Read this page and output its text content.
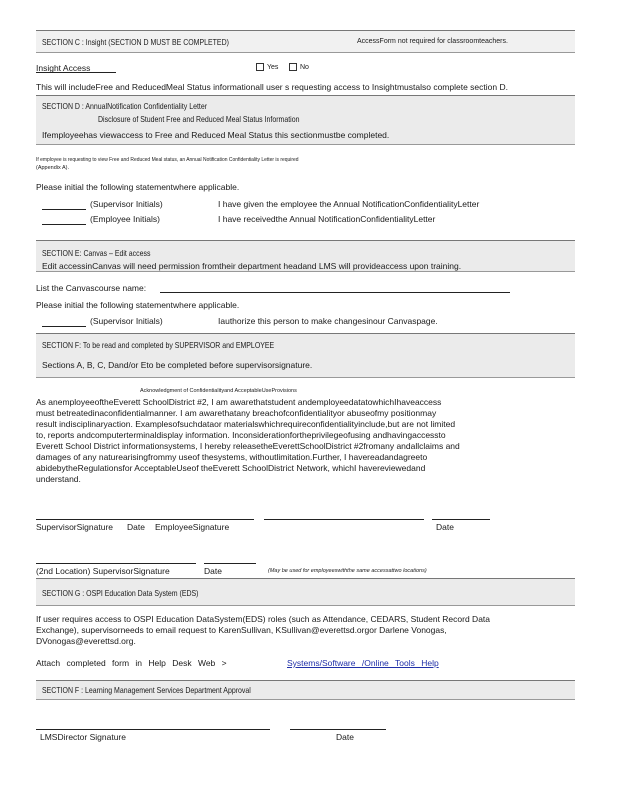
SECTION C : Insight (SECTION D MUST BE COMPLETED)	AccessForm not required for classroomteachers.
Insight Access	Yes	No
This will includeFree and ReducedMeal Status informationall user s requesting access to Insightmustalso complete section D.
SECTION D : AnnualNotification Confidentiality Letter
Disclosure of Student Free and Reduced Meal Status Information
Ifemployeehas viewaccess to Free and Reduced Meal Status this sectionmustbe completed.
If employee is requesting to view Free and Reduced Meal status, an Annual Notification Confidentiality Letter is required
(Appendix A).
Please initial the following statementwhere applicable.
(Supervisor Initials)	I have given the employee the Annual NotificationConfidentialityLetter
(Employee Initials)	I have receivedthe Annual NotificationConfidentialityLetter
SECTION E: Canvas – Edit access
Edit accessinCanvas will need permission fromtheir department headand LMS will provideaccess upon training.
List the Canvascourse name:
Please initial the following statementwhere applicable.
(Supervisor Initials)	Iauthorize this person to make changesinour Canvaspage.
SECTION F: To be read and completed by SUPERVISOR and EMPLOYEE
Sections A, B, C, Dand/or Eto be completed before supervisorsignature.
Acknowledgment of Confidentialityand AcceptableUseProvisions
As anemployeeoftheEverett SchoolDistrict #2, I am awarethatstudent andemployeedatatowhichIhaveaccess
must betreatedinaconfidentialmanner. I am awarethatany breachofconfidentialityor abuseofmy positionmay
result indisciplinaryaction. Examplesofsuchdataor materialswhichrequireconfidentialityinclude,but are not limited
to, reports andcomputerterminaldisplay information. Inconsiderationfortheprivilegeofusing andhavingaccessto
Everett School District informationsystems, I hereby releasetheEverettSchoolDistrict #2fromany andallclaims and
damages of any naturearisingfrommy useof thesystems, withoutlimitation.Further, I havereadandagreeto
abidebytheRegulationsfor AcceptableUseof theEverett SchoolDistrict Network, whichI havereviewedand
understand.
SupervisorSignature Date EmployeeSignature	Date
(2nd Location) SupervisorSignature	Date	(May be used for employeeswiththe same accessattwo locations)
SECTION G : OSPI Education Data System (EDS)
If user requires access to OSPI Education DataSystem(EDS) roles (such as Attendance, CEDARS, Student Record Data
Exchange), supervisorneeds to email request to KarenSullivan, KSullivan@everettsd.orgor Darlene Vonogas,
DVonogas@everettsd.org.
Attach completed form in Help Desk Web >	Systems/Software /Online Tools Help
SECTION F : Learning Management Services Department Approval
LMSDirector Signature	Date
